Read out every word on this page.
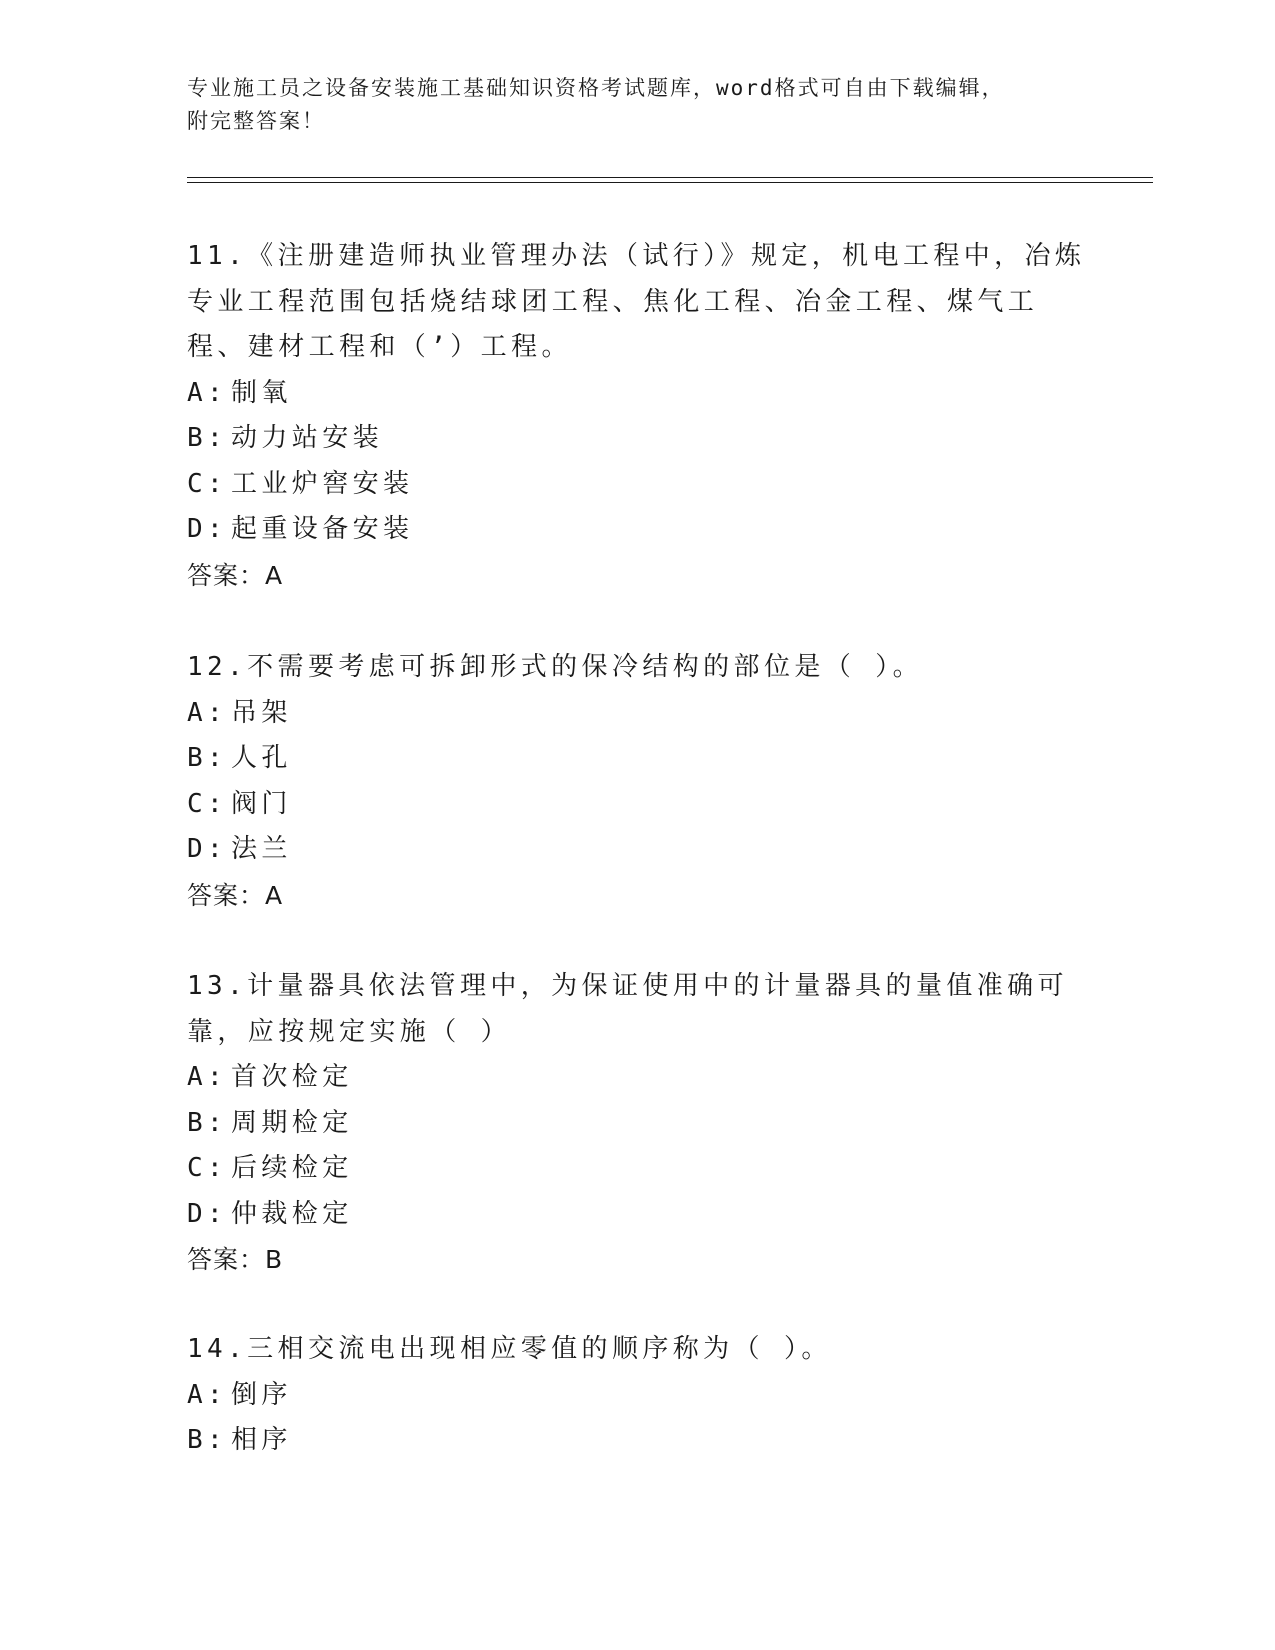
专业施工员之设备安装施工基础知识资格考试题库，word格式可自由下载编辑，
附完整答案！
11.《注册建造师执业管理办法（试行）》规定，机电工程中，冶炼专业工程范围包括烧结球团工程、焦化工程、冶金工程、煤气工程、建材工程和（’）工程。
A: 制氧
B: 动力站安装
C: 工业炉窖安装
D: 起重设备安装
答案：A
12.不需要考虑可拆卸形式的保冷结构的部位是（ ）。
A: 吊架
B: 人孔
C: 阀门
D: 法兰
答案：A
13.计量器具依法管理中，为保证使用中的计量器具的量值准确可靠，应按规定实施（ ）
A: 首次检定
B: 周期检定
C: 后续检定
D: 仲裁检定
答案：B
14.三相交流电出现相应零值的顺序称为（ ）。
A: 倒序
B: 相序
